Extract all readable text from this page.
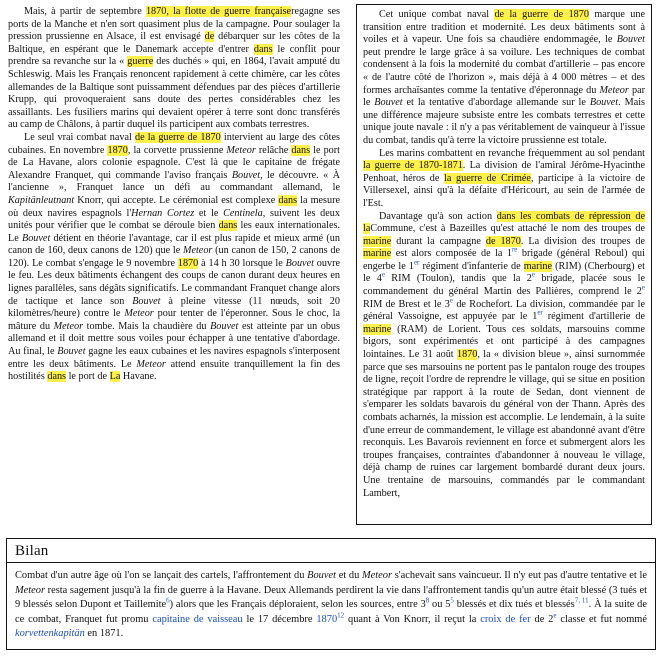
Mais, à partir de septembre 1870, la flotte de guerre françaiseregagne ses ports de la Manche et n'en sort quasiment plus de la campagne. Pour soulager la pression prussienne en Alsace, il est envisagé de débarquer sur les côtes de la Baltique, en espérant que le Danemark accepte d'entrer dans le conflit pour prendre sa revanche sur la « guerre des duchés » qui, en 1864, l'avait amputé du Schleswig. Mais les Français renoncent rapidement à cette chimère, car les côtes allemandes de la Baltique sont puissamment défendues par des pièces d'artillerie Krupp, qui provoqueraient sans doute des pertes considérables chez les assaillants. Les fusiliers marins qui devaient opérer à terre sont donc transférés au camp de Châlons, à partir duquel ils participent aux combats terrestres.

Le seul vrai combat naval de la guerre de 1870 intervient au large des côtes cubaines. En novembre 1870, la corvette prussienne Meteor relâche dans le port de La Havane, alors colonie espagnole. C'est là que le capitaine de frégate Alexandre Franquet, qui commande l'aviso français Bouvet, le découvre. « À l'ancienne », Franquet lance un défi au commandant allemand, le Kapitänleutnant Knorr, qui accepte. Le cérémonial est complexe dans la mesure où deux navires espagnols l'Hernan Cortez et le Centinela, suivent les deux unités pour vérifier que le combat se déroule bien dans les eaux internationales. Le Bouvet détient en théorie l'avantage, car il est plus rapide et mieux armé (un canon de 160, deux canons de 120) que le Meteor (un canon de 150, 2 canons de 120). Le combat s'engage le 9 novembre 1870 à 14 h 30 lorsque le Bouvet ouvre le feu. Les deux bâtiments échangent des coups de canon durant deux heures en lignes parallèles, sans dégâts significatifs. Le commandant Franquet change alors de tactique et lance son Bouvet à pleine vitesse (11 nœuds, soit 20 kilomètres/heure) contre le Meteor pour tenter de l'éperonner. Sous le choc, la mâture du Meteor tombe. Mais la chaudière du Bouvet est atteinte par un obus allemand et il doit mettre sous voiles pour échapper à une tentative d'abordage. Au final, le Bouvet gagne les eaux cubaines et les navires espagnols s'interposent entre les deux bâtiments. Le Meteor attend ensuite tranquillement la fin des hostilités dans le port de La Havane.

Cet unique combat naval de la guerre de 1870 marque une transition entre tradition et modernité. Les deux bâtiments sont à voiles et à vapeur. Une fois sa chaudière endommagée, le Bouvet peut prendre le large grâce à sa voilure. Les techniques de combat condensent à la fois la modernité du combat d'artillerie – pas encore « de l'autre côté de l'horizon », mais déjà à 4 000 mètres – et des formes archaïsantes comme la tentative d'éperonnage du Meteor par le Bouvet et la tentative d'abordage allemande sur le Bouvet. Mais une différence majeure subsiste entre les combats terrestres et cette unique joute navale : il n'y a pas véritablement de vainqueur à l'issue du combat, tandis qu'à terre la victoire prussienne est totale.

Les marins combattent en revanche fréquemment au sol pendant la guerre de 1870-1871. La division de l'amiral Jérôme-Hyacinthe Penhoat, héros de la guerre de Crimée, participe à la victoire de Villersexel, ainsi qu'à la défaite d'Héricourt, au sein de l'armée de l'Est.

Davantage qu'à son action dans les combats de répression de laCommune, c'est à Bazeilles qu'est attaché le nom des troupes de marine durant la campagne de 1870. La division des troupes de marine est alors composée de la 1re brigade (général Reboul) qui engerbe le 1er régiment d'infanterie de marine (RIM) (Cherbourg) et le 4e RIM (Toulon), tandis que la 2e brigade, placée sous le commandement du général Martin des Pallières, comprend le 2e RIM de Brest et le 3e de Rochefort. La division, commandée par le général Vassoigne, est appuyée par le 1er régiment d'artillerie de marine (RAM) de Lorient. Tous ces soldats, marsouins comme bigors, sont expérimentés et ont participé à des campagnes lointaines. Le 31 août 1870, la « division bleue », ainsi surnommée parce que ses marsouins ne portent pas le pantalon rouge des troupes de ligne, reçoit l'ordre de reprendre le village, qui se situe en position stratégique par rapport à la route de Sedan, dont viennent de s'emparer les soldats bavarois du général von der Thann. Après des combats acharnés, la mission est accomplie. Le lendemain, à la suite d'une erreur de commandement, le village est abandonné avant d'être reconquis. Les Bavarois reviennent en force et submergent alors les troupes françaises, contraintes d'abandonner à nouveau le village, déjà champ de ruines car largement bombardé durant deux jours. Une trentaine de marsouins, commandés par le commandant Lambert,

Bilan
Combat d'un autre âge où l'on se lançait des cartels, l'affrontement du Bouvet et du Meteor s'achevait sans vaincueur. Il n'y eut pas d'autre tentative et le Meteor resta sagement jusqu'à la fin de guerre à la Havane. Deux Allemands perdirent la vie dans l'affrontement tandis qu'un autre était blessé (3 tués et 9 blessés selon Dupont et Taillemite$^6$) alors que les Français déploraient, selon les sources, entre 3$^8$ ou 5$^5$ blessés et dix tués et blessés$^{7, 11}$. À la suite de ce combat, Franquet fut promu capitaine de vaisseau le 17 décembre 1870$^{12}$ quant à Von Knorr, il reçut la croix de fer de 2e classe et fut nommé korvettenkapitän en 1871.
